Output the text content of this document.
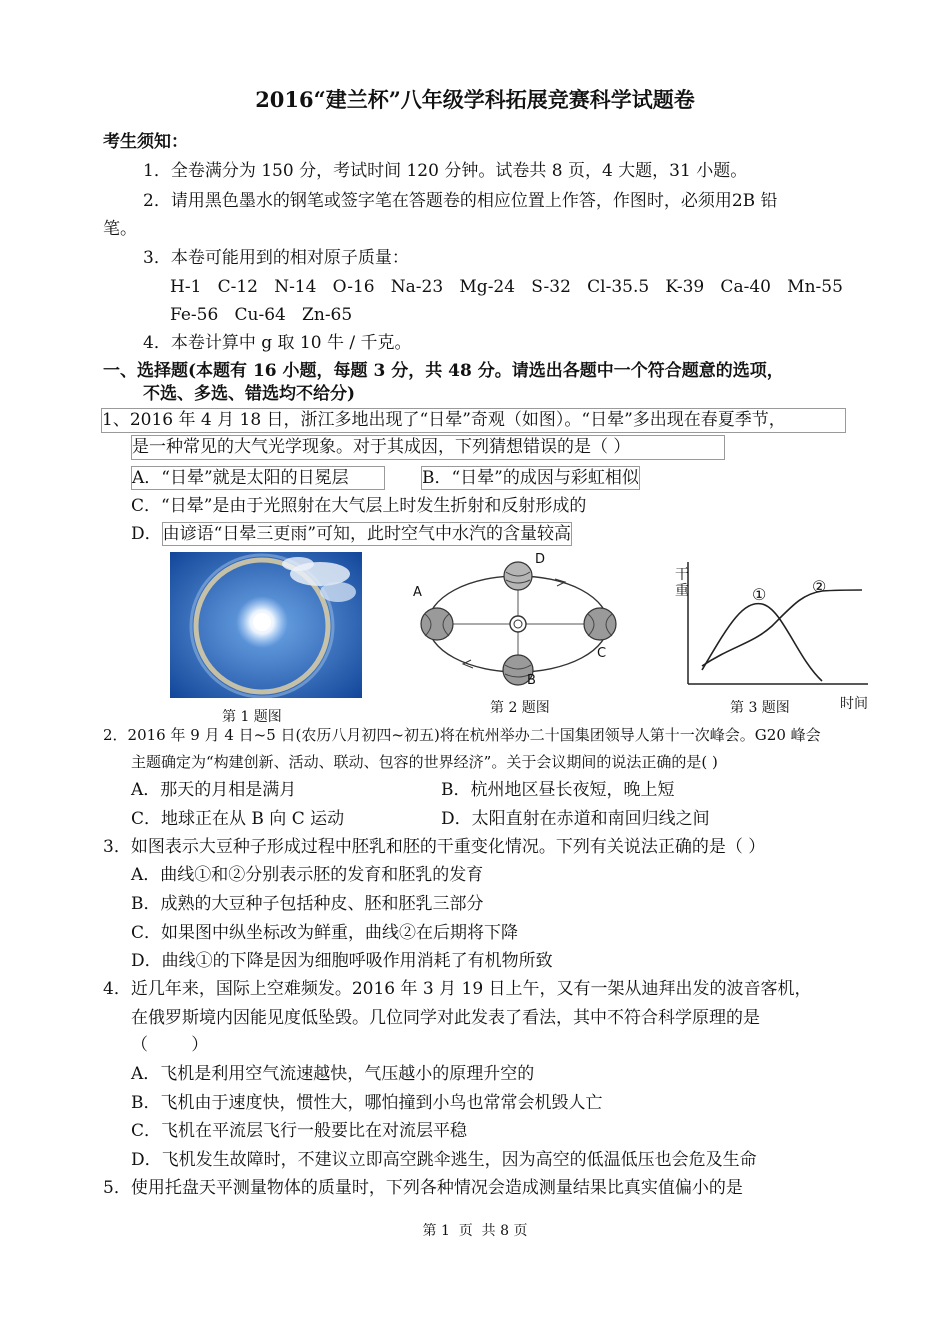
2016“建兰杯”八年级学科拓展竞赛科学试题卷
考生须知：
1．全卷满分为 150 分，考试时间 120 分钟。试卷共 8 页，4 大题，31 小题。
2．请用黑色墨水的钢笔或签字笔在答题卷的相应位置上作答，作图时，必须用2B 铅
笔。
3．本卷可能用到的相对原子质量：
H-1   C-12   N-14   O-16   Na-23   Mg-24   S-32   Cl-35.5   K-39   Ca-40   Mn-55
Fe-56   Cu-64   Zn-65
4．本卷计算中 g 取 10 牛 / 千克。
一、选择题(本题有 16 小题，每题 3 分，共 48 分。请选出各题中一个符合题意的选项，
不选、多选、错选均不给分)
1、2016 年 4 月 18 日，浙江多地出现了“日晕”奇观（如图）。“日晕”多出现在春夏季节，
是一种常见的大气光学现象。对于其成因，下列猜想错误的是（ ）
A．“日晕”就是太阳的日冕层	B．“日晕”的成因与彩虹相似
C．“日晕”是由于光照射在大气层上时发生折射和反射形成的
D．由谚语“日晕三更雨”可知，此时空气中水汽的含量较高
第 1 题图
A
B
C
D
第 2 题图
干
重	①	②
时间
第 3 题图
2．2016 年 9 月 4 日~5 日(农历八月初四~初五)将在杭州举办二十国集团领导人第十一次峰会。G20 峰会
主题确定为“构建创新、活动、联动、包容的世界经济”。关于会议期间的说法正确的是( )
A．那天的月相是满月	B．杭州地区昼长夜短，晚上短
C．地球正在从 B 向 C 运动	D．太阳直射在赤道和南回归线之间
3．如图表示大豆种子形成过程中胚乳和胚的干重变化情况。下列有关说法正确的是（ ）
A．曲线①和②分别表示胚的发育和胚乳的发育
B．成熟的大豆种子包括种皮、胚和胚乳三部分
C．如果图中纵坐标改为鲜重，曲线②在后期将下降
D．曲线①的下降是因为细胞呼吸作用消耗了有机物所致
4．近几年来，国际上空难频发。2016 年 3 月 19 日上午，又有一架从迪拜出发的波音客机，
在俄罗斯境内因能见度低坠毁。几位同学对此发表了看法，其中不符合科学原理的是
（        ）
A．飞机是利用空气流速越快，气压越小的原理升空的
B．飞机由于速度快，惯性大，哪怕撞到小鸟也常常会机毁人亡
C．飞机在平流层飞行一般要比在对流层平稳
D．飞机发生故障时，不建议立即高空跳伞逃生，因为高空的低温低压也会危及生命
5．使用托盘天平测量物体的质量时，下列各种情况会造成测量结果比真实值偏小的是
第 1  页  共 8 页
